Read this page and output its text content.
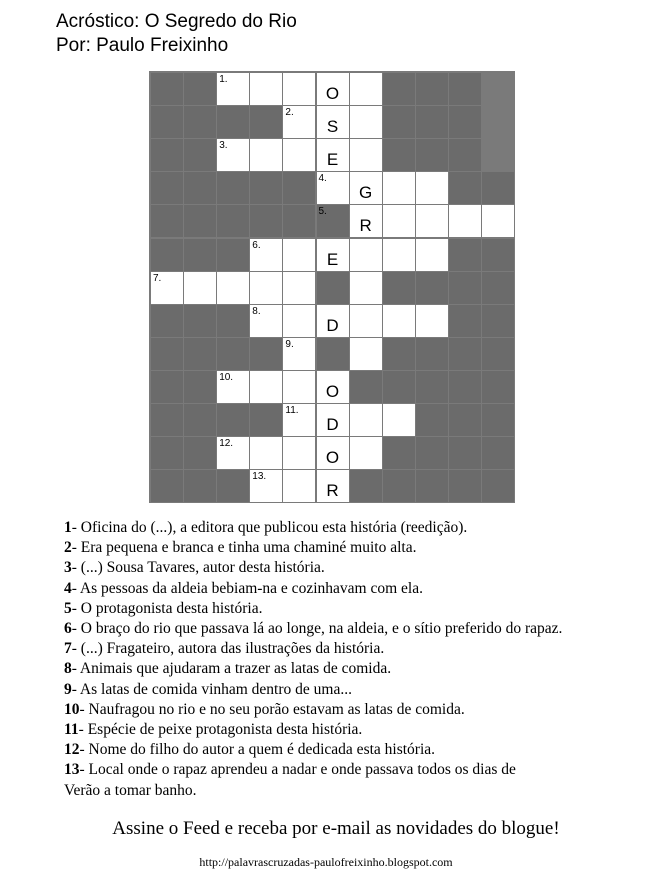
Acróstico: O Segredo do Rio
Por: Paulo Freixinho
1.
O
2.
S
3.
E
4.
G
5.
R
6.
E
7.
8.
D
9.
10.
O
11.
D
12.
O
13.
R
1- Oficina do (...), a editora que publicou esta história (reedição).
2- Era pequena e branca e tinha uma chaminé muito alta.
3- (...) Sousa Tavares, autor desta história.
4- As pessoas da aldeia bebiam-na e cozinhavam com ela.
5- O protagonista desta história.
6- O braço do rio que passava lá ao longe, na aldeia, e o sítio preferido do rapaz.
7- (...) Fragateiro, autora das ilustrações da história.
8- Animais que ajudaram a trazer as latas de comida.
9- As latas de comida vinham dentro de uma...
10- Naufragou no rio e no seu porão estavam as latas de comida.
11- Espécie de peixe protagonista desta história.
12- Nome do filho do autor a quem é dedicada esta história.
13- Local onde o rapaz aprendeu a nadar e onde passava todos os dias de
Verão a tomar banho.
Assine o Feed e receba por e-mail as novidades do blogue!
http://palavrascruzadas-paulofreixinho.blogspot.com
